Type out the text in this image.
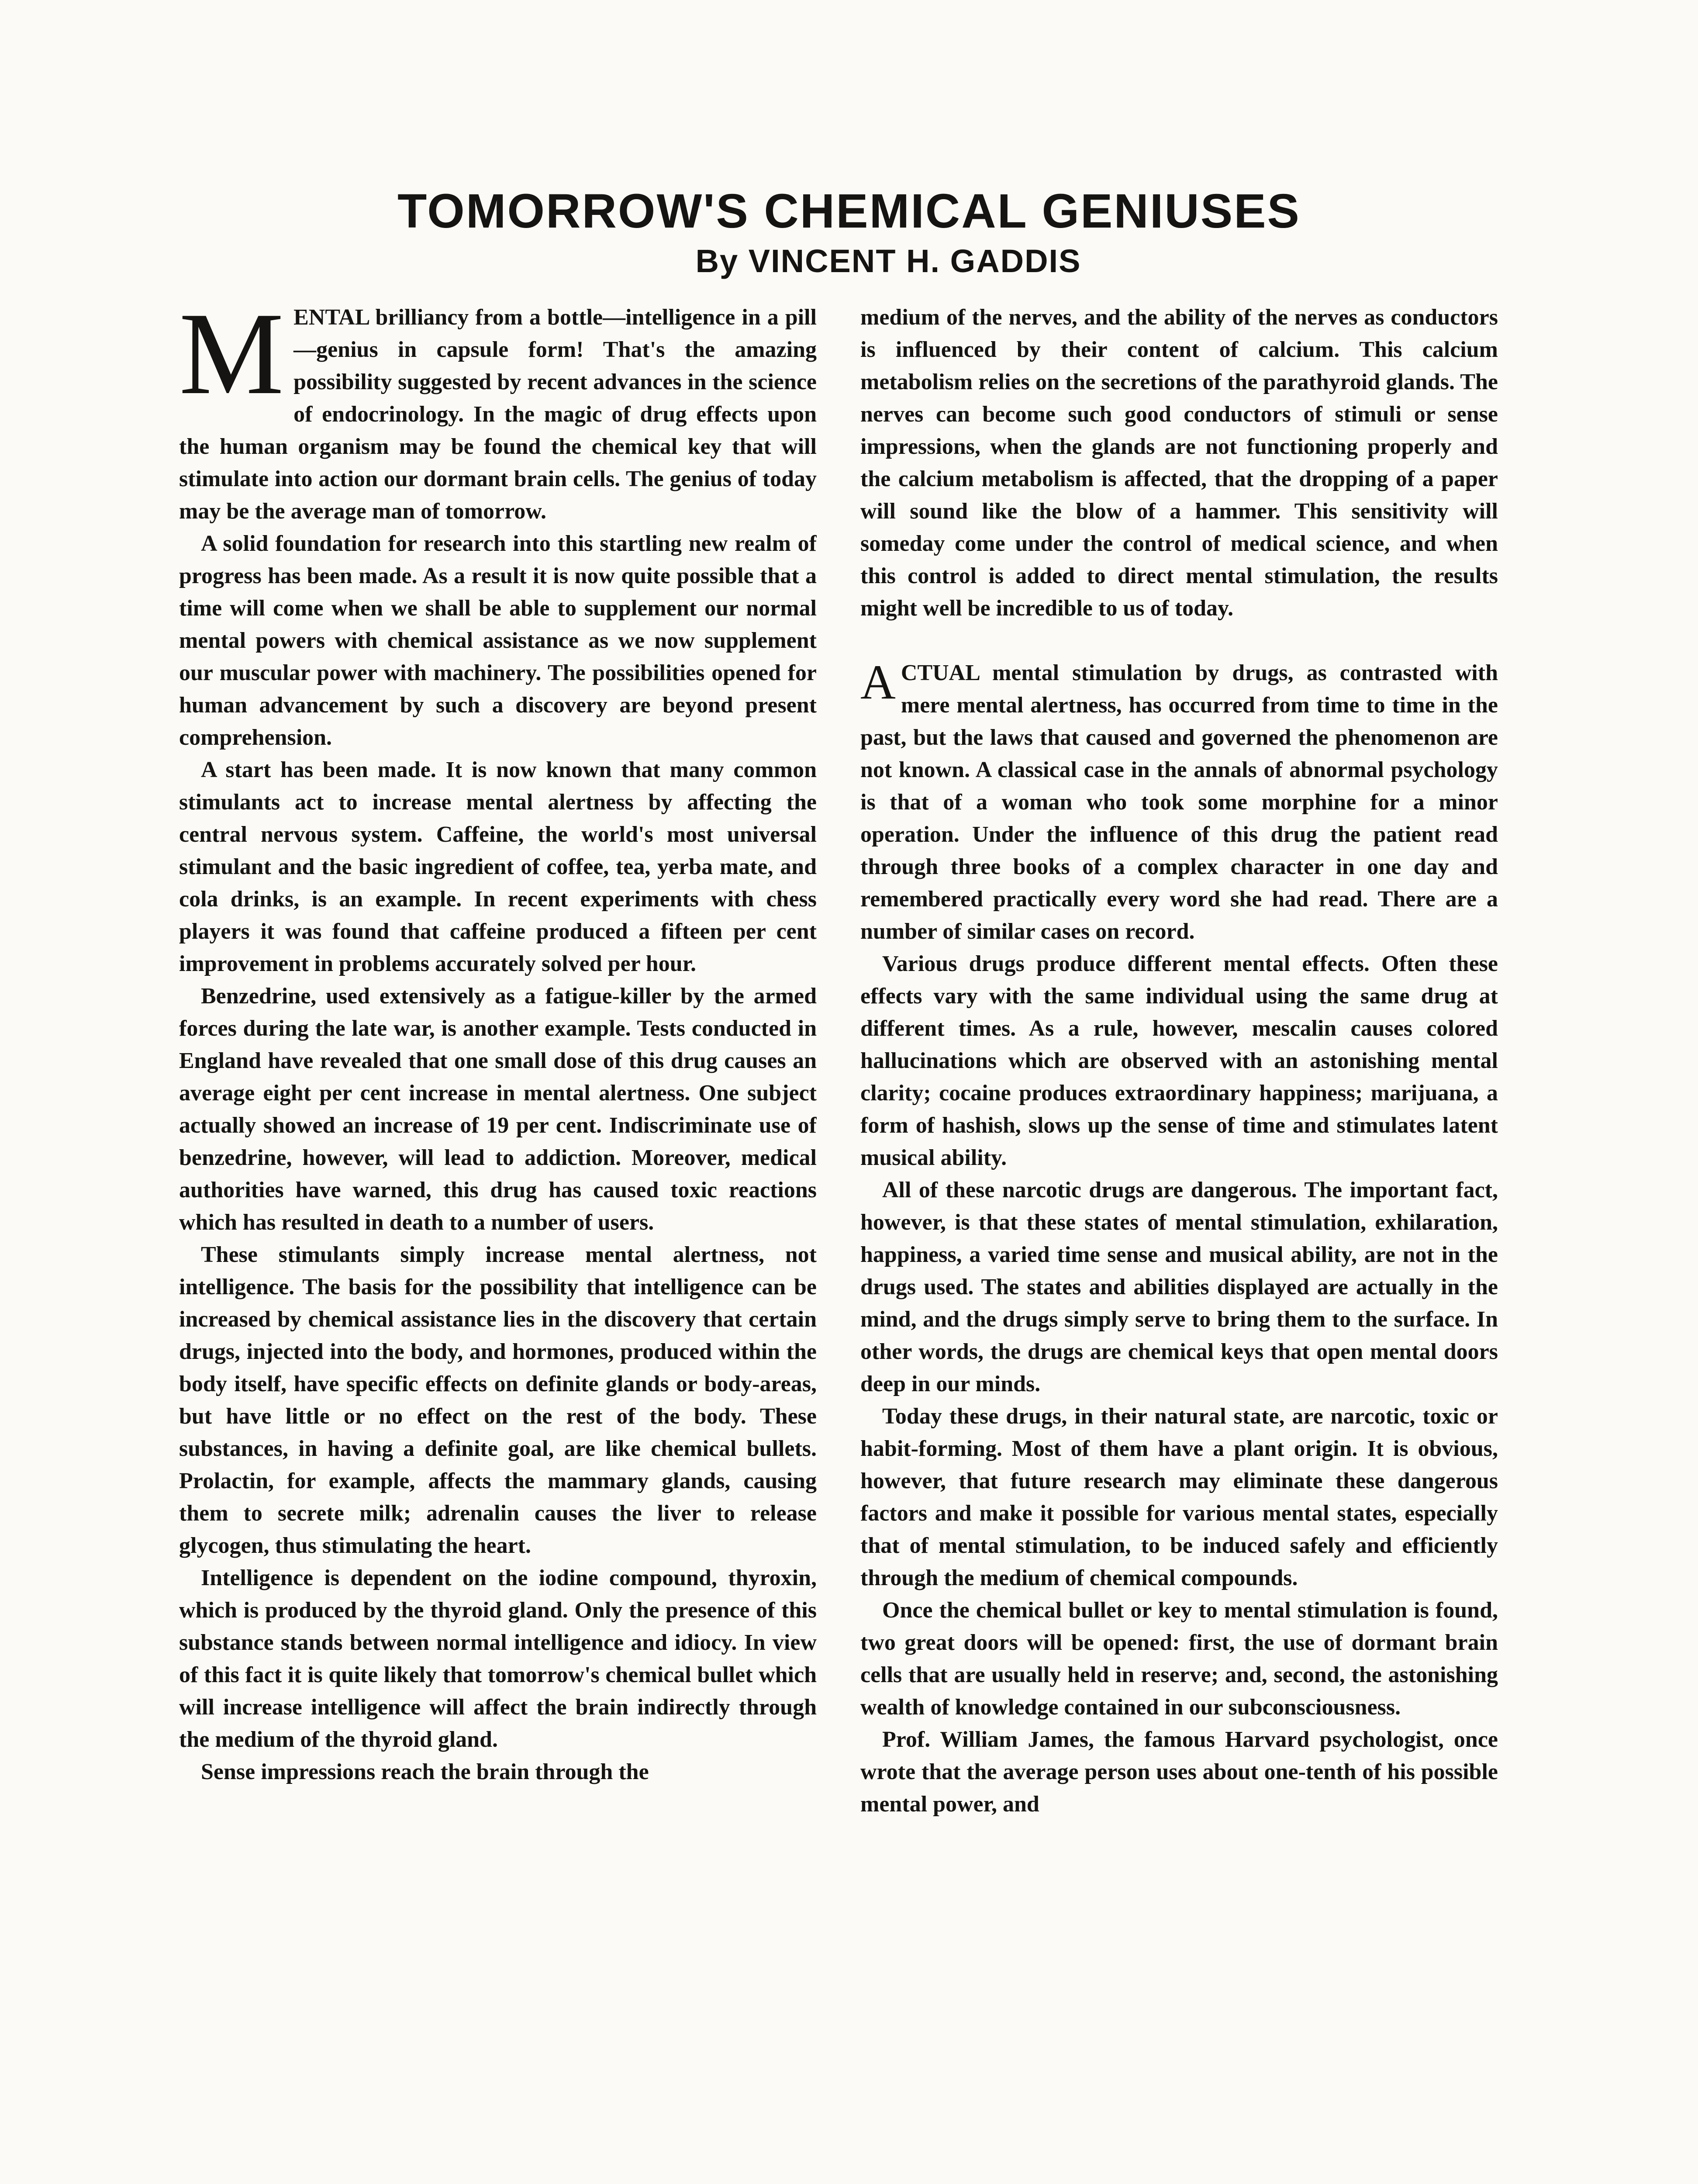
TOMORROW'S CHEMICAL GENIUSES
By VINCENT H. GADDIS

MENTAL brilliancy from a bottle—intelligence in a pill—genius in capsule form! That's the amazing possibility suggested by recent advances in the science of endocrinology. In the magic of drug effects upon the human organism may be found the chemical key that will stimulate into action our dormant brain cells. The genius of today may be the average man of tomorrow.

A solid foundation for research into this startling new realm of progress has been made. As a result it is now quite possible that a time will come when we shall be able to supplement our normal mental powers with chemical assistance as we now supplement our muscular power with machinery. The possibilities opened for human advancement by such a discovery are beyond present comprehension.

A start has been made. It is now known that many common stimulants act to increase mental alertness by affecting the central nervous system. Caffeine, the world's most universal stimulant and the basic ingredient of coffee, tea, yerba mate, and cola drinks, is an example. In recent experiments with chess players it was found that caffeine produced a fifteen per cent improvement in problems accurately solved per hour.

Benzedrine, used extensively as a fatigue-killer by the armed forces during the late war, is another example. Tests conducted in England have revealed that one small dose of this drug causes an average eight per cent increase in mental alertness. One subject actually showed an increase of 19 per cent. Indiscriminate use of benzedrine, however, will lead to addiction. Moreover, medical authorities have warned, this drug has caused toxic reactions which has resulted in death to a number of users.

These stimulants simply increase mental alertness, not intelligence. The basis for the possibility that intelligence can be increased by chemical assistance lies in the discovery that certain drugs, injected into the body, and hormones, produced within the body itself, have specific effects on definite glands or body-areas, but have little or no effect on the rest of the body. These substances, in having a definite goal, are like chemical bullets. Prolactin, for example, affects the mammary glands, causing them to secrete milk; adrenalin causes the liver to release glycogen, thus stimulating the heart.

Intelligence is dependent on the iodine compound, thyroxin, which is produced by the thyroid gland. Only the presence of this substance stands between normal intelligence and idiocy. In view of this fact it is quite likely that tomorrow's chemical bullet which will increase intelligence will affect the brain indirectly through the medium of the thyroid gland.

Sense impressions reach the brain through the

medium of the nerves, and the ability of the nerves as conductors is influenced by their content of calcium. This calcium metabolism relies on the secretions of the parathyroid glands. The nerves can become such good conductors of stimuli or sense impressions, when the glands are not functioning properly and the calcium metabolism is affected, that the dropping of a paper will sound like the blow of a hammer. This sensitivity will someday come under the control of medical science, and when this control is added to direct mental stimulation, the results might well be incredible to us of today.

ACTUAL mental stimulation by drugs, as contrasted with mere mental alertness, has occurred from time to time in the past, but the laws that caused and governed the phenomenon are not known. A classical case in the annals of abnormal psychology is that of a woman who took some morphine for a minor operation. Under the influence of this drug the patient read through three books of a complex character in one day and remembered practically every word she had read. There are a number of similar cases on record.

Various drugs produce different mental effects. Often these effects vary with the same individual using the same drug at different times. As a rule, however, mescalin causes colored hallucinations which are observed with an astonishing mental clarity; cocaine produces extraordinary happiness; marijuana, a form of hashish, slows up the sense of time and stimulates latent musical ability.

All of these narcotic drugs are dangerous. The important fact, however, is that these states of mental stimulation, exhilaration, happiness, a varied time sense and musical ability, are not in the drugs used. The states and abilities displayed are actually in the mind, and the drugs simply serve to bring them to the surface. In other words, the drugs are chemical keys that open mental doors deep in our minds.

Today these drugs, in their natural state, are narcotic, toxic or habit-forming. Most of them have a plant origin. It is obvious, however, that future research may eliminate these dangerous factors and make it possible for various mental states, especially that of mental stimulation, to be induced safely and efficiently through the medium of chemical compounds.

Once the chemical bullet or key to mental stimulation is found, two great doors will be opened: first, the use of dormant brain cells that are usually held in reserve; and, second, the astonishing wealth of knowledge contained in our subconsciousness.

Prof. William James, the famous Harvard psychologist, once wrote that the average person uses about one-tenth of his possible mental power, and
